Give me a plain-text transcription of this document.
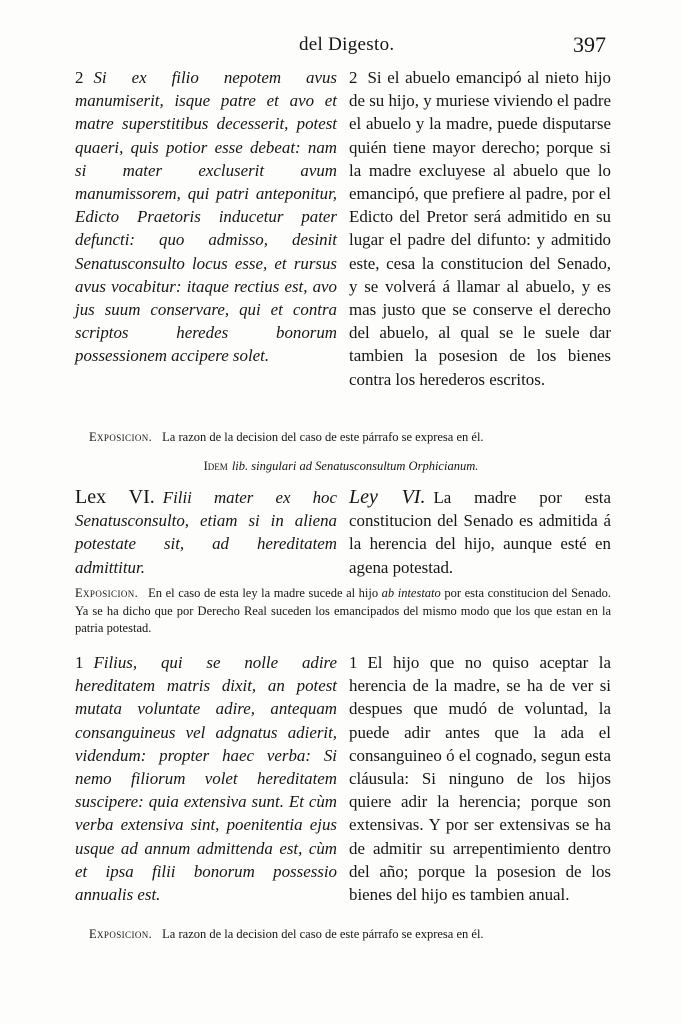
del Digesto.	397

2 Si ex filio nepotem avus manumiserit, isque patre et avo et matre superstitibus decesserit, potest quaeri, quis potior esse debeat: nam si mater excluserit avum manumissorem, qui patri anteponitur, Edicto Praetoris inducetur pater defuncti: quo admisso, desinit Senatusconsulto locus esse, et rursus avus vocabitur: itaque rectius est, avo jus suum conservare, qui et contra scriptos heredes bonorum possessionem accipere solet.

2 Si el abuelo emancipó al nieto hijo de su hijo, y muriese viviendo el padre el abuelo y la madre, puede disputarse quién tiene mayor derecho; porque si la madre excluyese al abuelo que lo emancipó, que prefiere al padre, por el Edicto del Pretor será admitido en su lugar el padre del difunto: y admitido este, cesa la constitucion del Senado, y se volverá á llamar al abuelo, y es mas justo que se conserve el derecho del abuelo, al qual se le suele dar tambien la posesion de los bienes contra los herederos escritos.

Exposicion. La razon de la decision del caso de este párrafo se expresa en él.
Idem lib. singulari ad Senatusconsultum Orphicianum.

Lex VI. Filii mater ex hoc Senatusconsulto, etiam si in aliena potestate sit, ad hereditatem admittitur.

Ley VI. La madre por esta constitucion del Senado es admitida á la herencia del hijo, aunque esté en agena potestad.

Exposicion. En el caso de esta ley la madre sucede al hijo ab intestato por esta constitucion del Senado. Ya se ha dicho que por Derecho Real suceden los emancipados del mismo modo que los que estan en la patria potestad.

1 Filius, qui se nolle adire hereditatem matris dixit, an potest mutata voluntate adire, antequam consanguineus vel adgnatus adierit, videndum: propter haec verba: Si nemo filiorum volet hereditatem suscipere: quia extensiva sunt. Et cùm verba extensiva sint, poenitentia ejus usque ad annum admittenda est, cùm et ipsa filii bonorum possessio annualis est.

1 El hijo que no quiso aceptar la herencia de la madre, se ha de ver si despues que mudó de voluntad, la puede adir antes que la ada el consanguineo ó el cognado, segun esta cláusula: Si ninguno de los hijos quiere adir la herencia; porque son extensivas. Y por ser extensivas se ha de admitir su arrepentimiento dentro del año; porque la posesion de los bienes del hijo es tambien anual.

Exposicion. La razon de la decision del caso de este párrafo se expresa en él.
